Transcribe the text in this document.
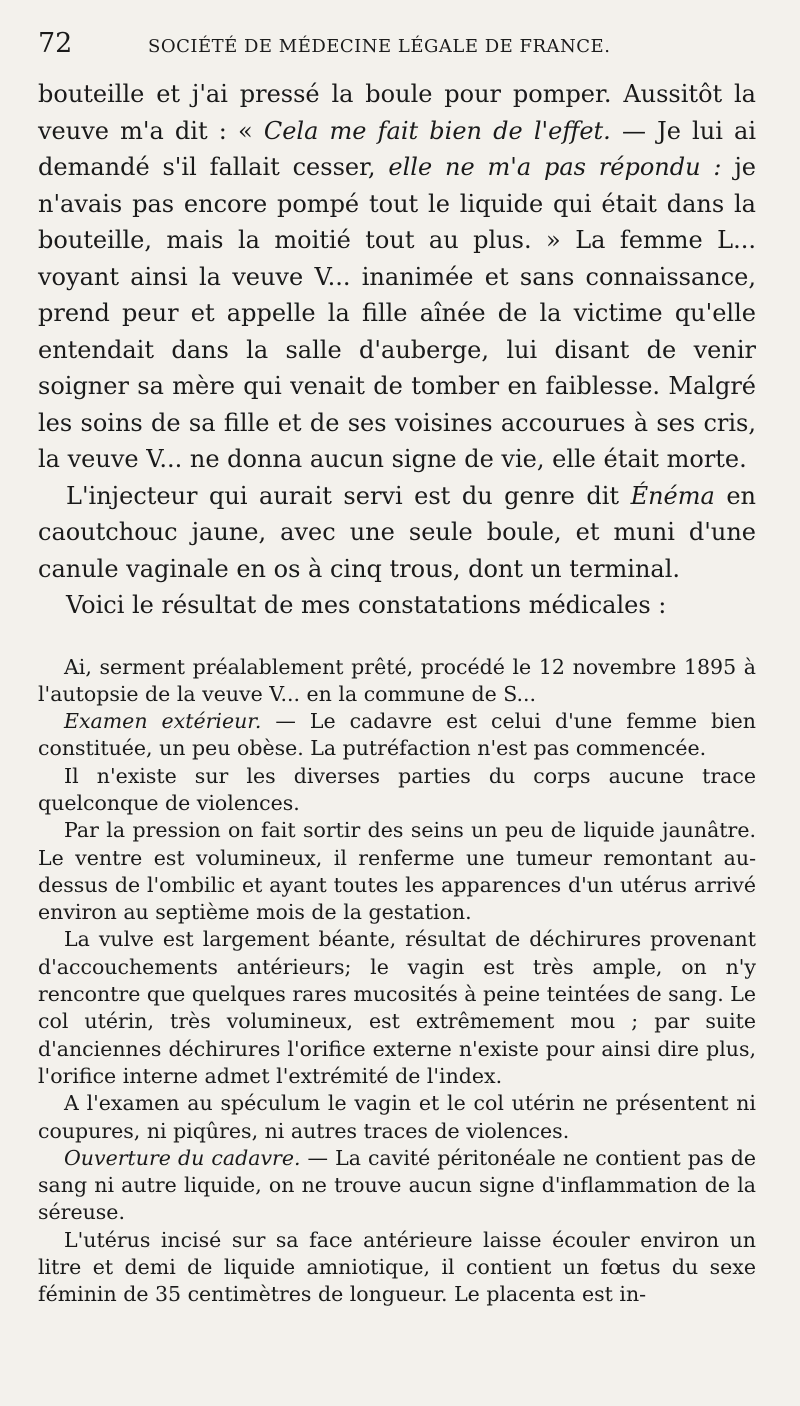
72	SOCIÉTÉ DE MÉDECINE LÉGALE DE FRANCE.

bouteille et j'ai pressé la boule pour pomper. Aussitôt la veuve m'a dit : « Cela me fait bien de l'effet. — Je lui ai demandé s'il fallait cesser, elle ne m'a pas répondu : je n'avais pas encore pompé tout le liquide qui était dans la bouteille, mais la moitié tout au plus. » La femme L... voyant ainsi la veuve V... inanimée et sans connaissance, prend peur et appelle la fille aînée de la victime qu'elle entendait dans la salle d'auberge, lui disant de venir soigner sa mère qui venait de tomber en faiblesse. Malgré les soins de sa fille et de ses voisines accourues à ses cris, la veuve V... ne donna aucun signe de vie, elle était morte.

L'injecteur qui aurait servi est du genre dit Énéma en caoutchouc jaune, avec une seule boule, et muni d'une canule vaginale en os à cinq trous, dont un terminal.

Voici le résultat de mes constatations médicales :

Ai, serment préalablement prêté, procédé le 12 novembre 1895 à l'autopsie de la veuve V... en la commune de S...

Examen extérieur. — Le cadavre est celui d'une femme bien constituée, un peu obèse. La putréfaction n'est pas commencée.

Il n'existe sur les diverses parties du corps aucune trace quelconque de violences.

Par la pression on fait sortir des seins un peu de liquide jaunâtre. Le ventre est volumineux, il renferme une tumeur remontant au-dessus de l'ombilic et ayant toutes les apparences d'un utérus arrivé environ au septième mois de la gestation.

La vulve est largement béante, résultat de déchirures provenant d'accouchements antérieurs; le vagin est très ample, on n'y rencontre que quelques rares mucosités à peine teintées de sang. Le col utérin, très volumineux, est extrêmement mou ; par suite d'anciennes déchirures l'orifice externe n'existe pour ainsi dire plus, l'orifice interne admet l'extrémité de l'index.

A l'examen au spéculum le vagin et le col utérin ne présentent ni coupures, ni piqûres, ni autres traces de violences.

Ouverture du cadavre. — La cavité péritonéale ne contient pas de sang ni autre liquide, on ne trouve aucun signe d'inflammation de la séreuse.

L'utérus incisé sur sa face antérieure laisse écouler environ un litre et demi de liquide amniotique, il contient un fœtus du sexe féminin de 35 centimètres de longueur. Le placenta est in-
